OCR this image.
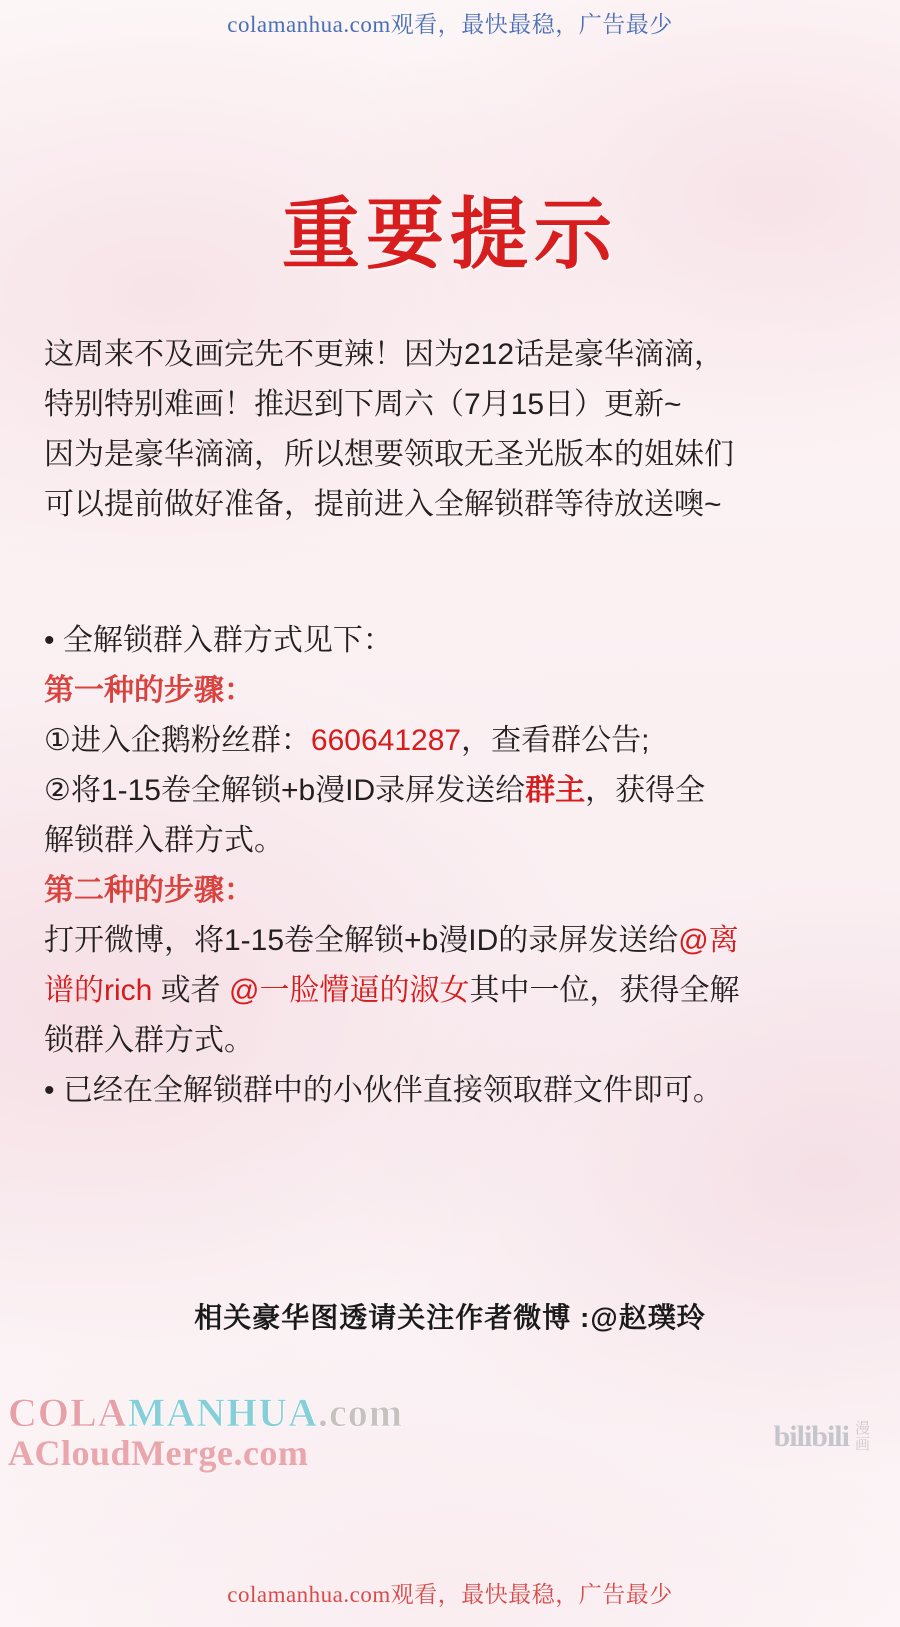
colamanhua.com观看，最快最稳，广告最少
重要提示

这周来不及画完先不更辣！因为212话是豪华滴滴，

特别特别难画！推迟到下周六（7月15日）更新~

因为是豪华滴滴，所以想要领取无圣光版本的姐妹们

可以提前做好准备，提前进入全解锁群等待放送噢~

• 全解锁群入群方式见下：

第一种的步骤：

①进入企鹅粉丝群：660641287，查看群公告;

②将1-15卷全解锁+b漫ID录屏发送给群主，获得全

解锁群入群方式。

第二种的步骤：

打开微博，将1-15卷全解锁+b漫ID的录屏发送给@离

谱的rich 或者 @一脸懵逼的淑女其中一位，获得全解

锁群入群方式。

• 已经在全解锁群中的小伙伴直接领取群文件即可。

相关豪华图透请关注作者微博 :@赵璞玲
COLAMANHUA.com
ACloudMerge.com	bilibili 漫
画
colamanhua.com观看，最快最稳，广告最少
